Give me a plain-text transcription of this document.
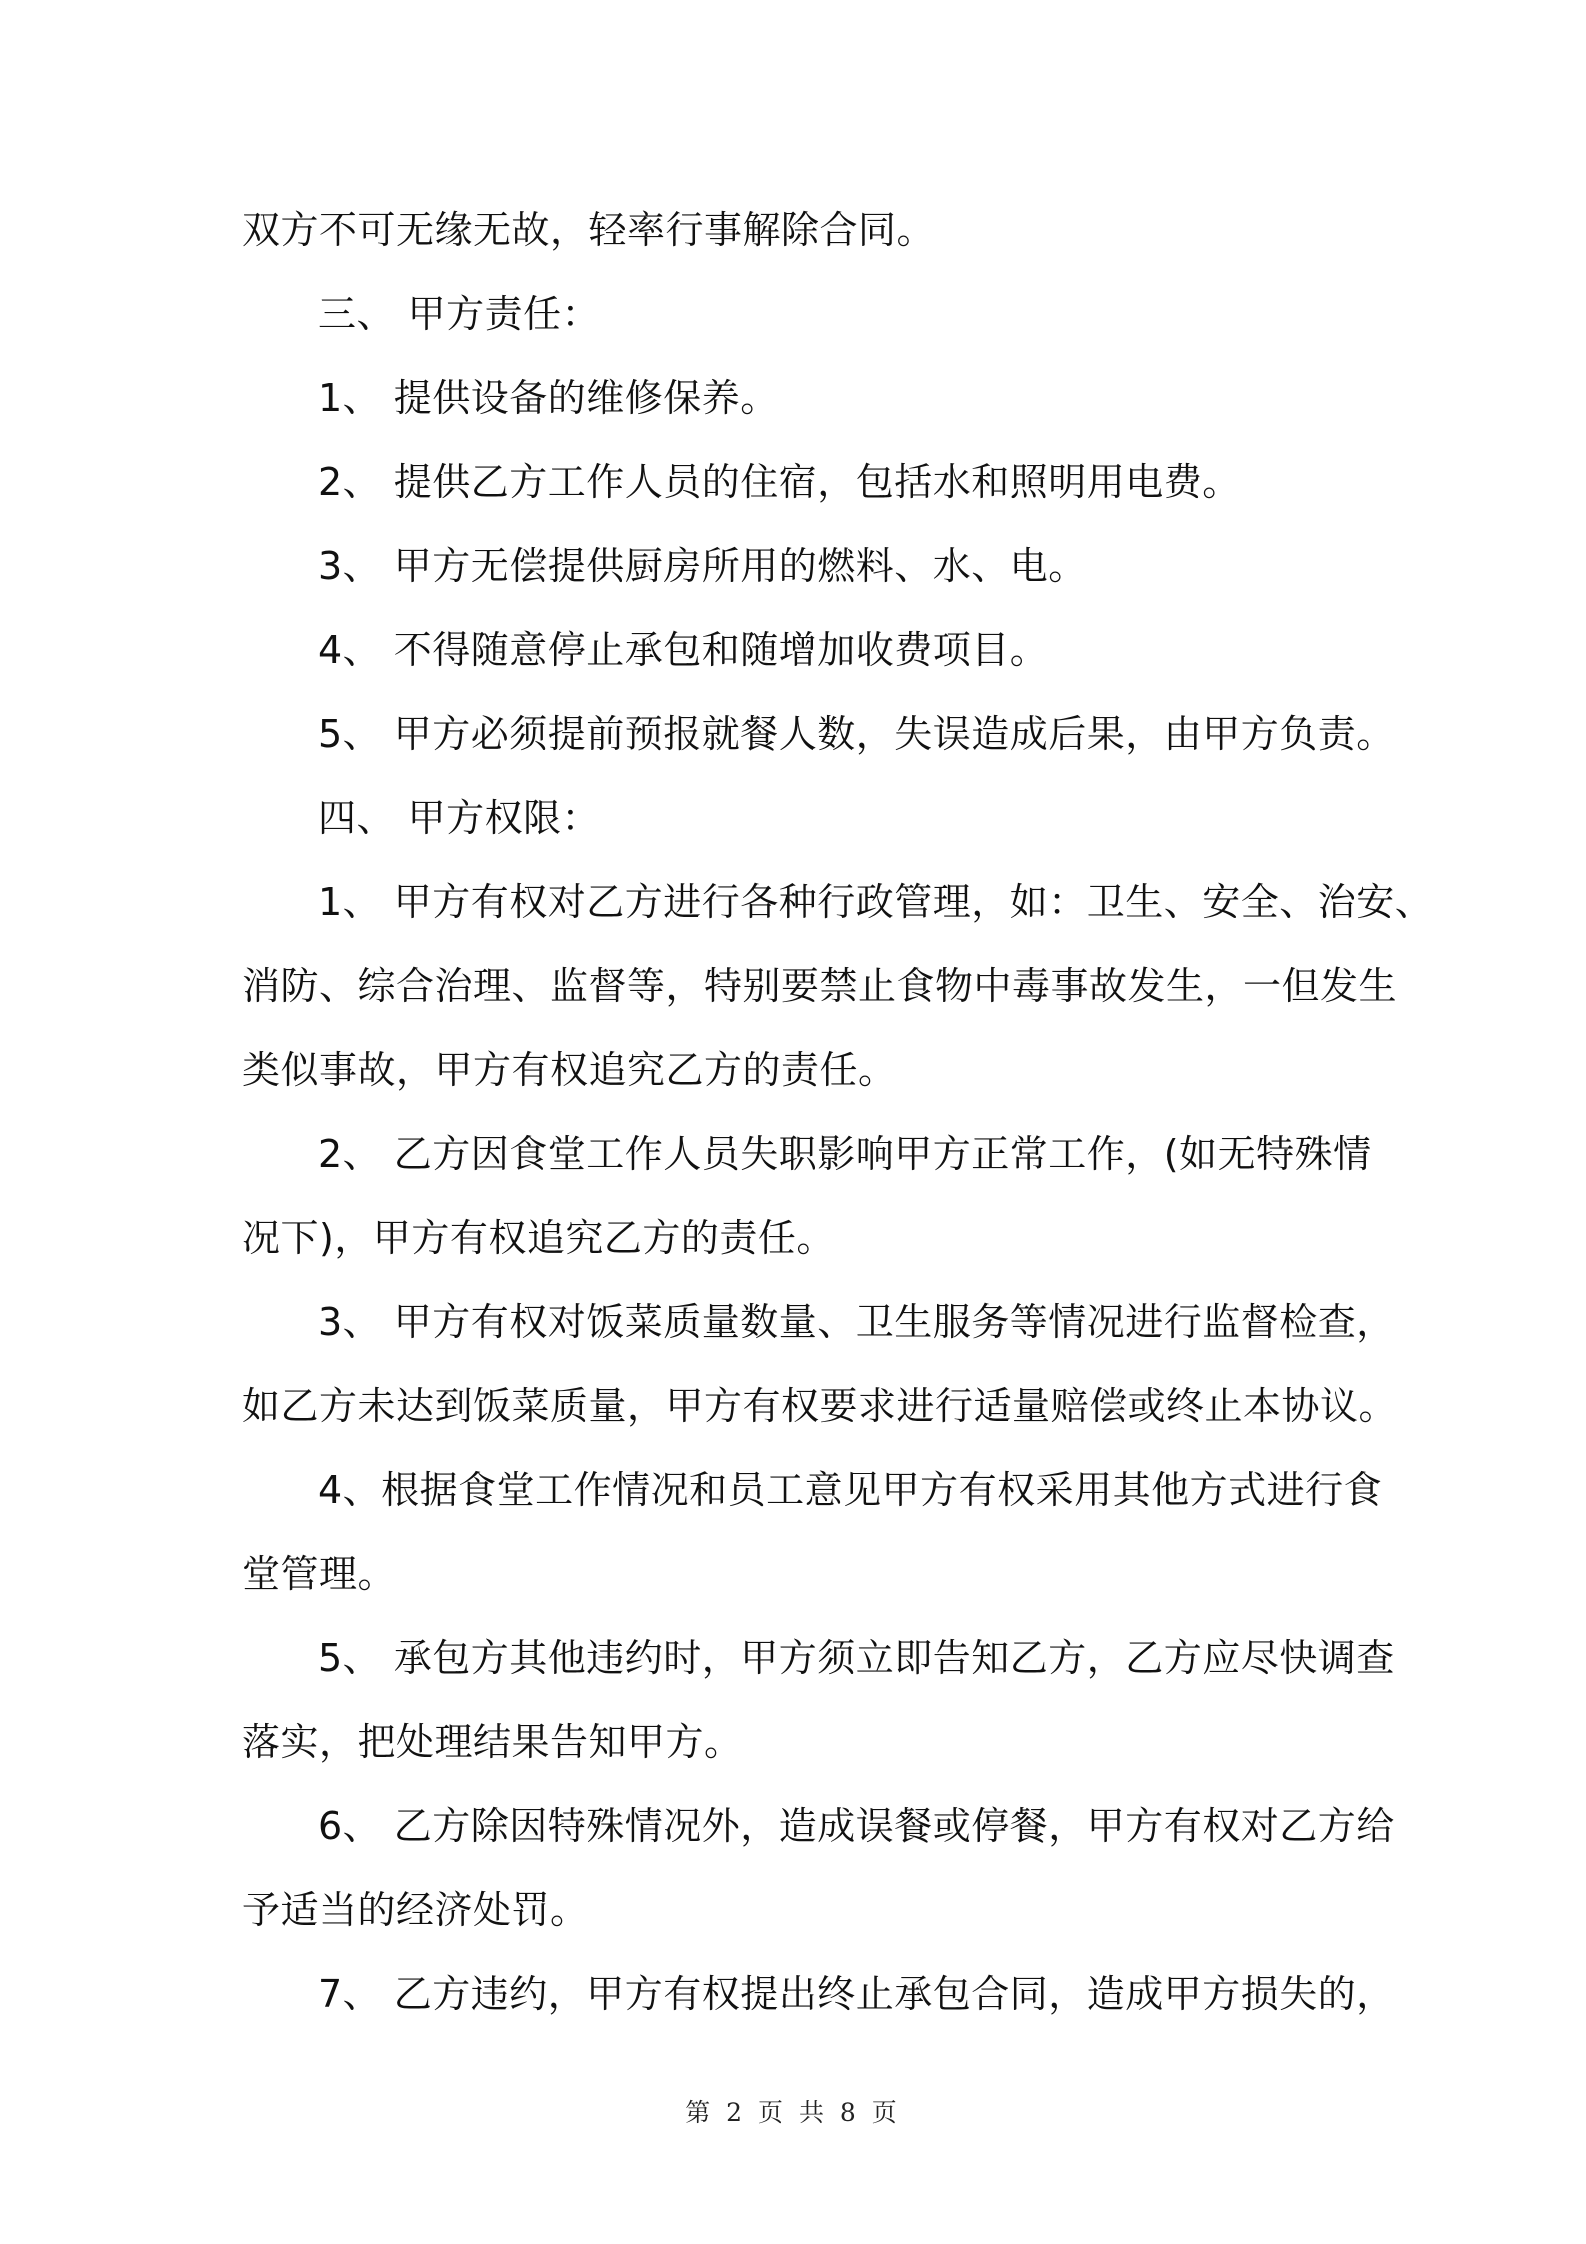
双方不可无缘无故，轻率行事解除合同。
三、 甲方责任：
1、 提供设备的维修保养。
2、 提供乙方工作人员的住宿，包括水和照明用电费。
3、 甲方无偿提供厨房所用的燃料、水、电。
4、 不得随意停止承包和随增加收费项目。
5、 甲方必须提前预报就餐人数，失误造成后果，由甲方负责。
四、 甲方权限：
1、 甲方有权对乙方进行各种行政管理，如：卫生、安全、治安、
消防、综合治理、监督等，特别要禁止食物中毒事故发生，一但发生
类似事故，甲方有权追究乙方的责任。
2、 乙方因食堂工作人员失职影响甲方正常工作，(如无特殊情
况下)，甲方有权追究乙方的责任。
3、 甲方有权对饭菜质量数量、卫生服务等情况进行监督检查，
如乙方未达到饭菜质量，甲方有权要求进行适量赔偿或终止本协议。
4、根据食堂工作情况和员工意见甲方有权采用其他方式进行食
堂管理。
5、 承包方其他违约时，甲方须立即告知乙方，乙方应尽快调查
落实，把处理结果告知甲方。
6、 乙方除因特殊情况外，造成误餐或停餐，甲方有权对乙方给
予适当的经济处罚。
7、 乙方违约，甲方有权提出终止承包合同，造成甲方损失的，
第 2 页 共 8 页
